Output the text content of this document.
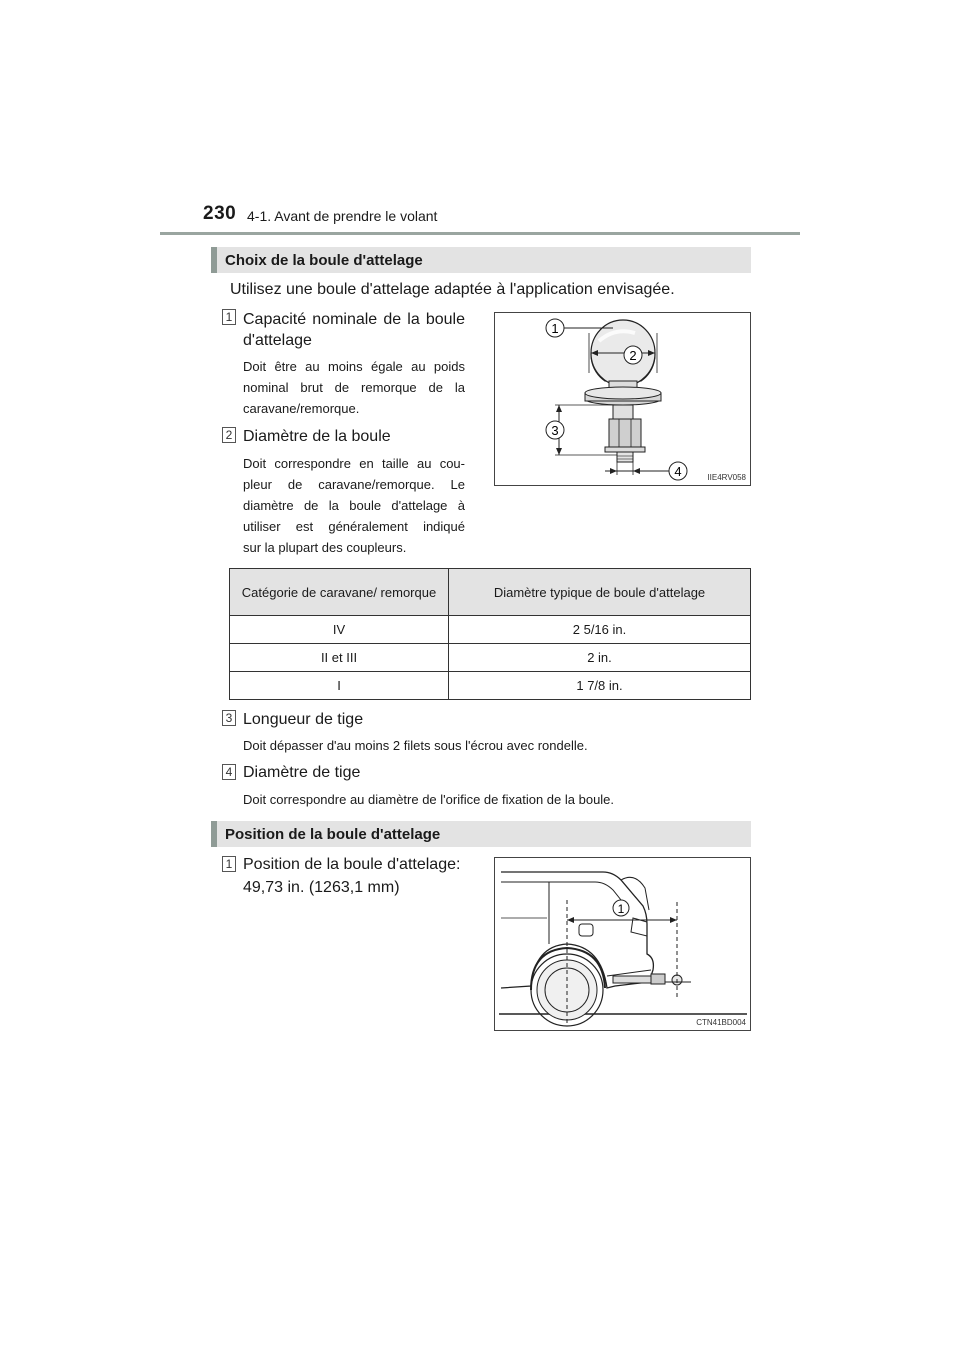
230 4-1. Avant de prendre le volant
Choix de la boule d'attelage
Utilisez une boule d'attelage adaptée à l'application envisagée.
1 Capacité nominale de la boule
d'attelage
Doit être au moins égale au poids
nominal brut de remorque de la
caravane/remorque.
2 Diamètre de la boule
Doit correspondre en taille au cou-
pleur de caravane/remorque. Le
diamètre de la boule d'attelage à
utiliser est généralement indiqué
sur la plupart des coupleurs.
1
2
3
4	IIE4RV058
Catégorie de caravane/ remorque	Diamètre typique de boule d'attelage
IV	2 5/16 in.
II et III	2 in.
I	1 7/8 in.
3 Longueur de tige
Doit dépasser d'au moins 2 filets sous l'écrou avec rondelle.
4 Diamètre de tige
Doit correspondre au diamètre de l'orifice de fixation de la boule.
Position de la boule d'attelage
1 Position de la boule d'attelage:
49,73 in. (1263,1 mm)
1
CTN41BD004
